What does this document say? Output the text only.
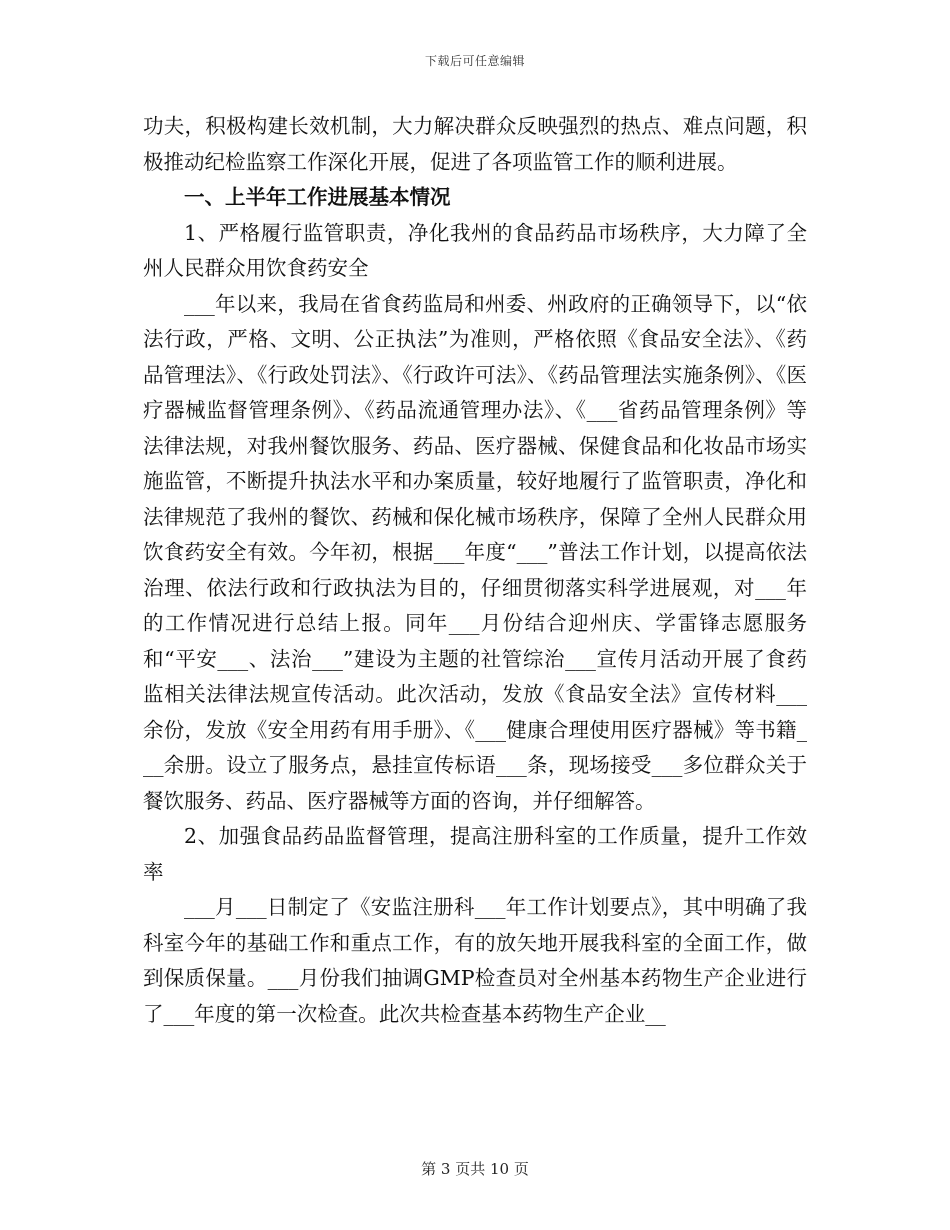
下载后可任意编辑

功夫，积极构建长效机制，大力解决群众反映强烈的热点、难点问题，积极推动纪检监察工作深化开展，促进了各项监管工作的顺利进展。

一、上半年工作进展基本情况

1、严格履行监管职责，净化我州的食品药品市场秩序，大力障了全州人民群众用饮食药安全

___年以来，我局在省食药监局和州委、州政府的正确领导下，以“依法行政，严格、文明、公正执法”为准则，严格依照《食品安全法》、《药品管理法》、《行政处罚法》、《行政许可法》、《药品管理法实施条例》、《医疗器械监督管理条例》、《药品流通管理办法》、《___省药品管理条例》等法律法规，对我州餐饮服务、药品、医疗器械、保健食品和化妆品市场实施监管，不断提升执法水平和办案质量，较好地履行了监管职责，净化和法律规范了我州的餐饮、药械和保化械市场秩序，保障了全州人民群众用饮食药安全有效。今年初，根据___年度“___”普法工作计划，以提高依法治理、依法行政和行政执法为目的，仔细贯彻落实科学进展观，对___年的工作情况进行总结上报。同年___月份结合迎州庆、学雷锋志愿服务和“平安___、法治___”建设为主题的社管综治___宣传月活动开展了食药监相关法律法规宣传活动。此次活动，发放《食品安全法》宣传材料___余份，发放《安全用药有用手册》、《___健康合理使用医疗器械》等书籍___余册。设立了服务点，悬挂宣传标语___条，现场接受___多位群众关于餐饮服务、药品、医疗器械等方面的咨询，并仔细解答。

2、加强食品药品监督管理，提高注册科室的工作质量，提升工作效率

___月___日制定了《安监注册科___年工作计划要点》，其中明确了我科室今年的基础工作和重点工作，有的放矢地开展我科室的全面工作，做到保质保量。___月份我们抽调GMP检查员对全州基本药物生产企业进行了___年度的第一次检查。此次共检查基本药物生产企业__

第 3 页共 10 页
